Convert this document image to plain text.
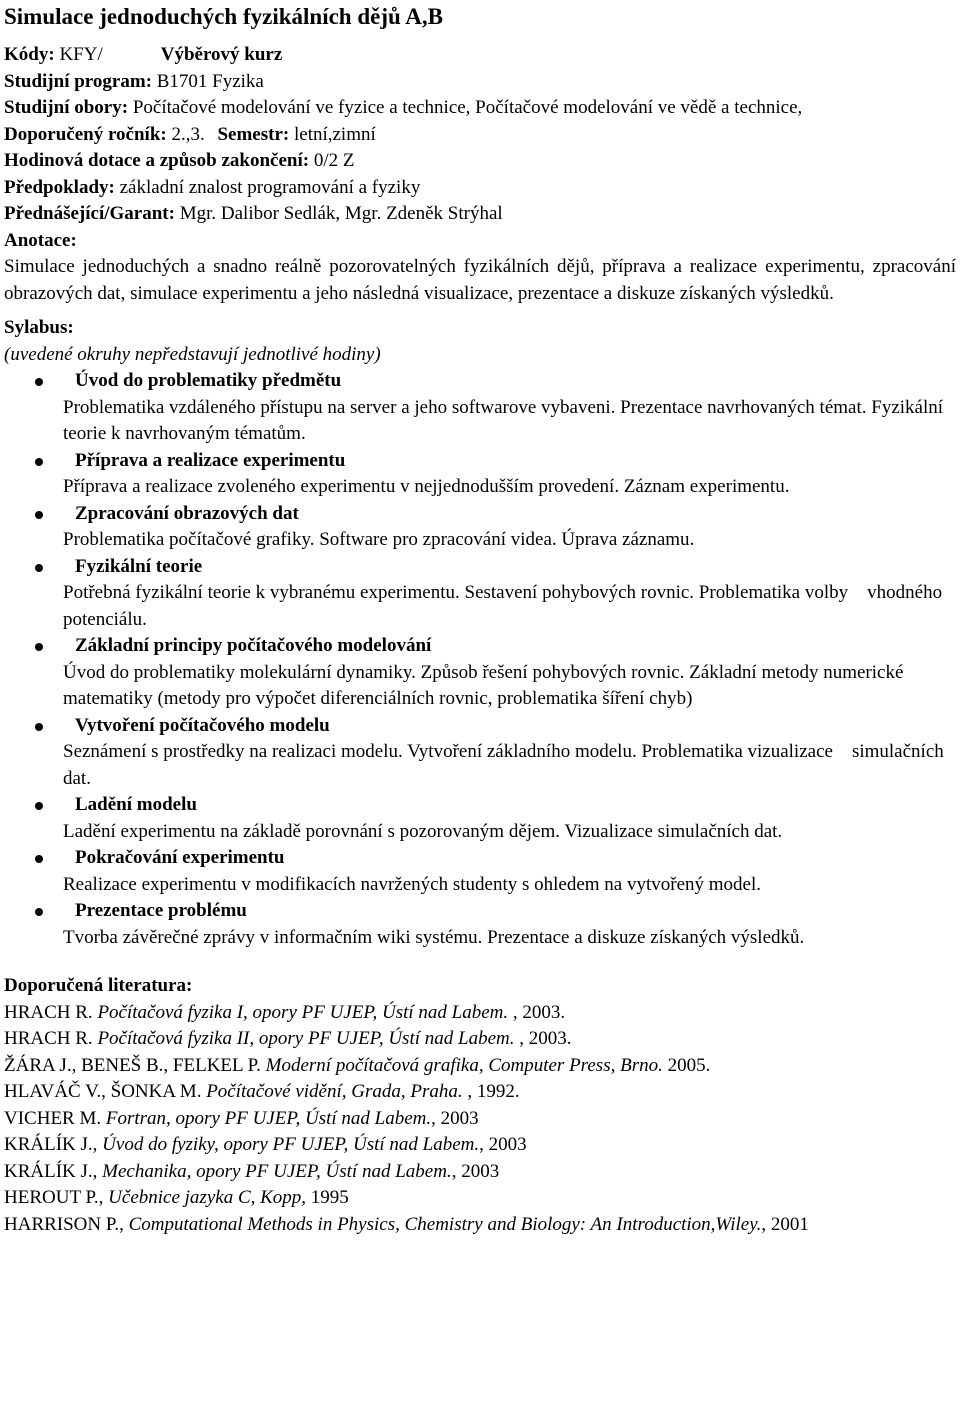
Simulace jednoduchých fyzikálních dějů A,B
Kódy: KFY/	Výběrový kurz
Studijní program: B1701 Fyzika
Studijní obory: Počítačové modelování ve fyzice a technice, Počítačové modelování ve vědě a technice,
Doporučený ročník: 2.,3. Semestr: letní,zimní
Hodinová dotace a způsob zakončení: 0/2 Z
Předpoklady: základní znalost programování a fyziky
Přednášející/Garant: Mgr. Dalibor Sedlák, Mgr. Zdeněk Strýhal
Anotace:
Simulace jednoduchých a snadno reálně pozorovatelných fyzikálních dějů, příprava a realizace experimentu, zpracování obrazových dat, simulace experimentu a jeho následná visualizace, prezentace a diskuze získaných výsledků.
Sylabus:
(uvedené okruhy nepředstavují jednotlivé hodiny)
Úvod do problematiky předmětu
Problematika vzdáleného přístupu na server a jeho softwarove vybaveni. Prezentace navrhovaných témat. Fyzikální teorie k navrhovaným tématům.
Příprava a realizace experimentu
Příprava a realizace zvoleného experimentu v nejjednodušším provedení. Záznam experimentu.
Zpracování obrazových dat
Problematika počítačové grafiky. Software pro zpracování videa. Úprava záznamu.
Fyzikální teorie
Potřebná fyzikální teorie k vybranému experimentu. Sestavení pohybových rovnic. Problematika volby    vhodného potenciálu.
Základní principy počítačového modelování
Úvod do problematiky molekulární dynamiky. Způsob řešení pohybových rovnic. Základní metody numerické     matematiky (metody pro výpočet diferenciálních rovnic, problematika šíření chyb)
Vytvoření počítačového modelu
Seznámení s prostředky na realizaci modelu. Vytvoření základního modelu. Problematika vizualizace    simulačních dat.
Ladění modelu
Ladění experimentu na základě porovnání s pozorovaným dějem. Vizualizace simulačních dat.
Pokračování experimentu
Realizace experimentu v modifikacích navržených studenty s ohledem na vytvořený model.
Prezentace problému
Tvorba závěrečné zprávy v informačním wiki systému. Prezentace a diskuze získaných výsledků.
Doporučená literatura:
HRACH R. Počítačová fyzika I, opory PF UJEP, Ústí nad Labem. , 2003.
HRACH R. Počítačová fyzika II, opory PF UJEP, Ústí nad Labem. , 2003.
ŽÁRA J., BENEŠ B., FELKEL P. Moderní počítačová grafika, Computer Press, Brno. 2005.
HLAVÁČ V., ŠONKA M. Počítačové vidění, Grada, Praha. , 1992.
VICHER M. Fortran, opory PF UJEP, Ústí nad Labem., 2003
KRÁLÍK J., Úvod do fyziky, opory PF UJEP, Ústí nad Labem., 2003
KRÁLÍK J., Mechanika, opory PF UJEP, Ústí nad Labem., 2003
HEROUT P., Učebnice jazyka C, Kopp, 1995
HARRISON P., Computational Methods in Physics, Chemistry and Biology: An Introduction,Wiley., 2001
